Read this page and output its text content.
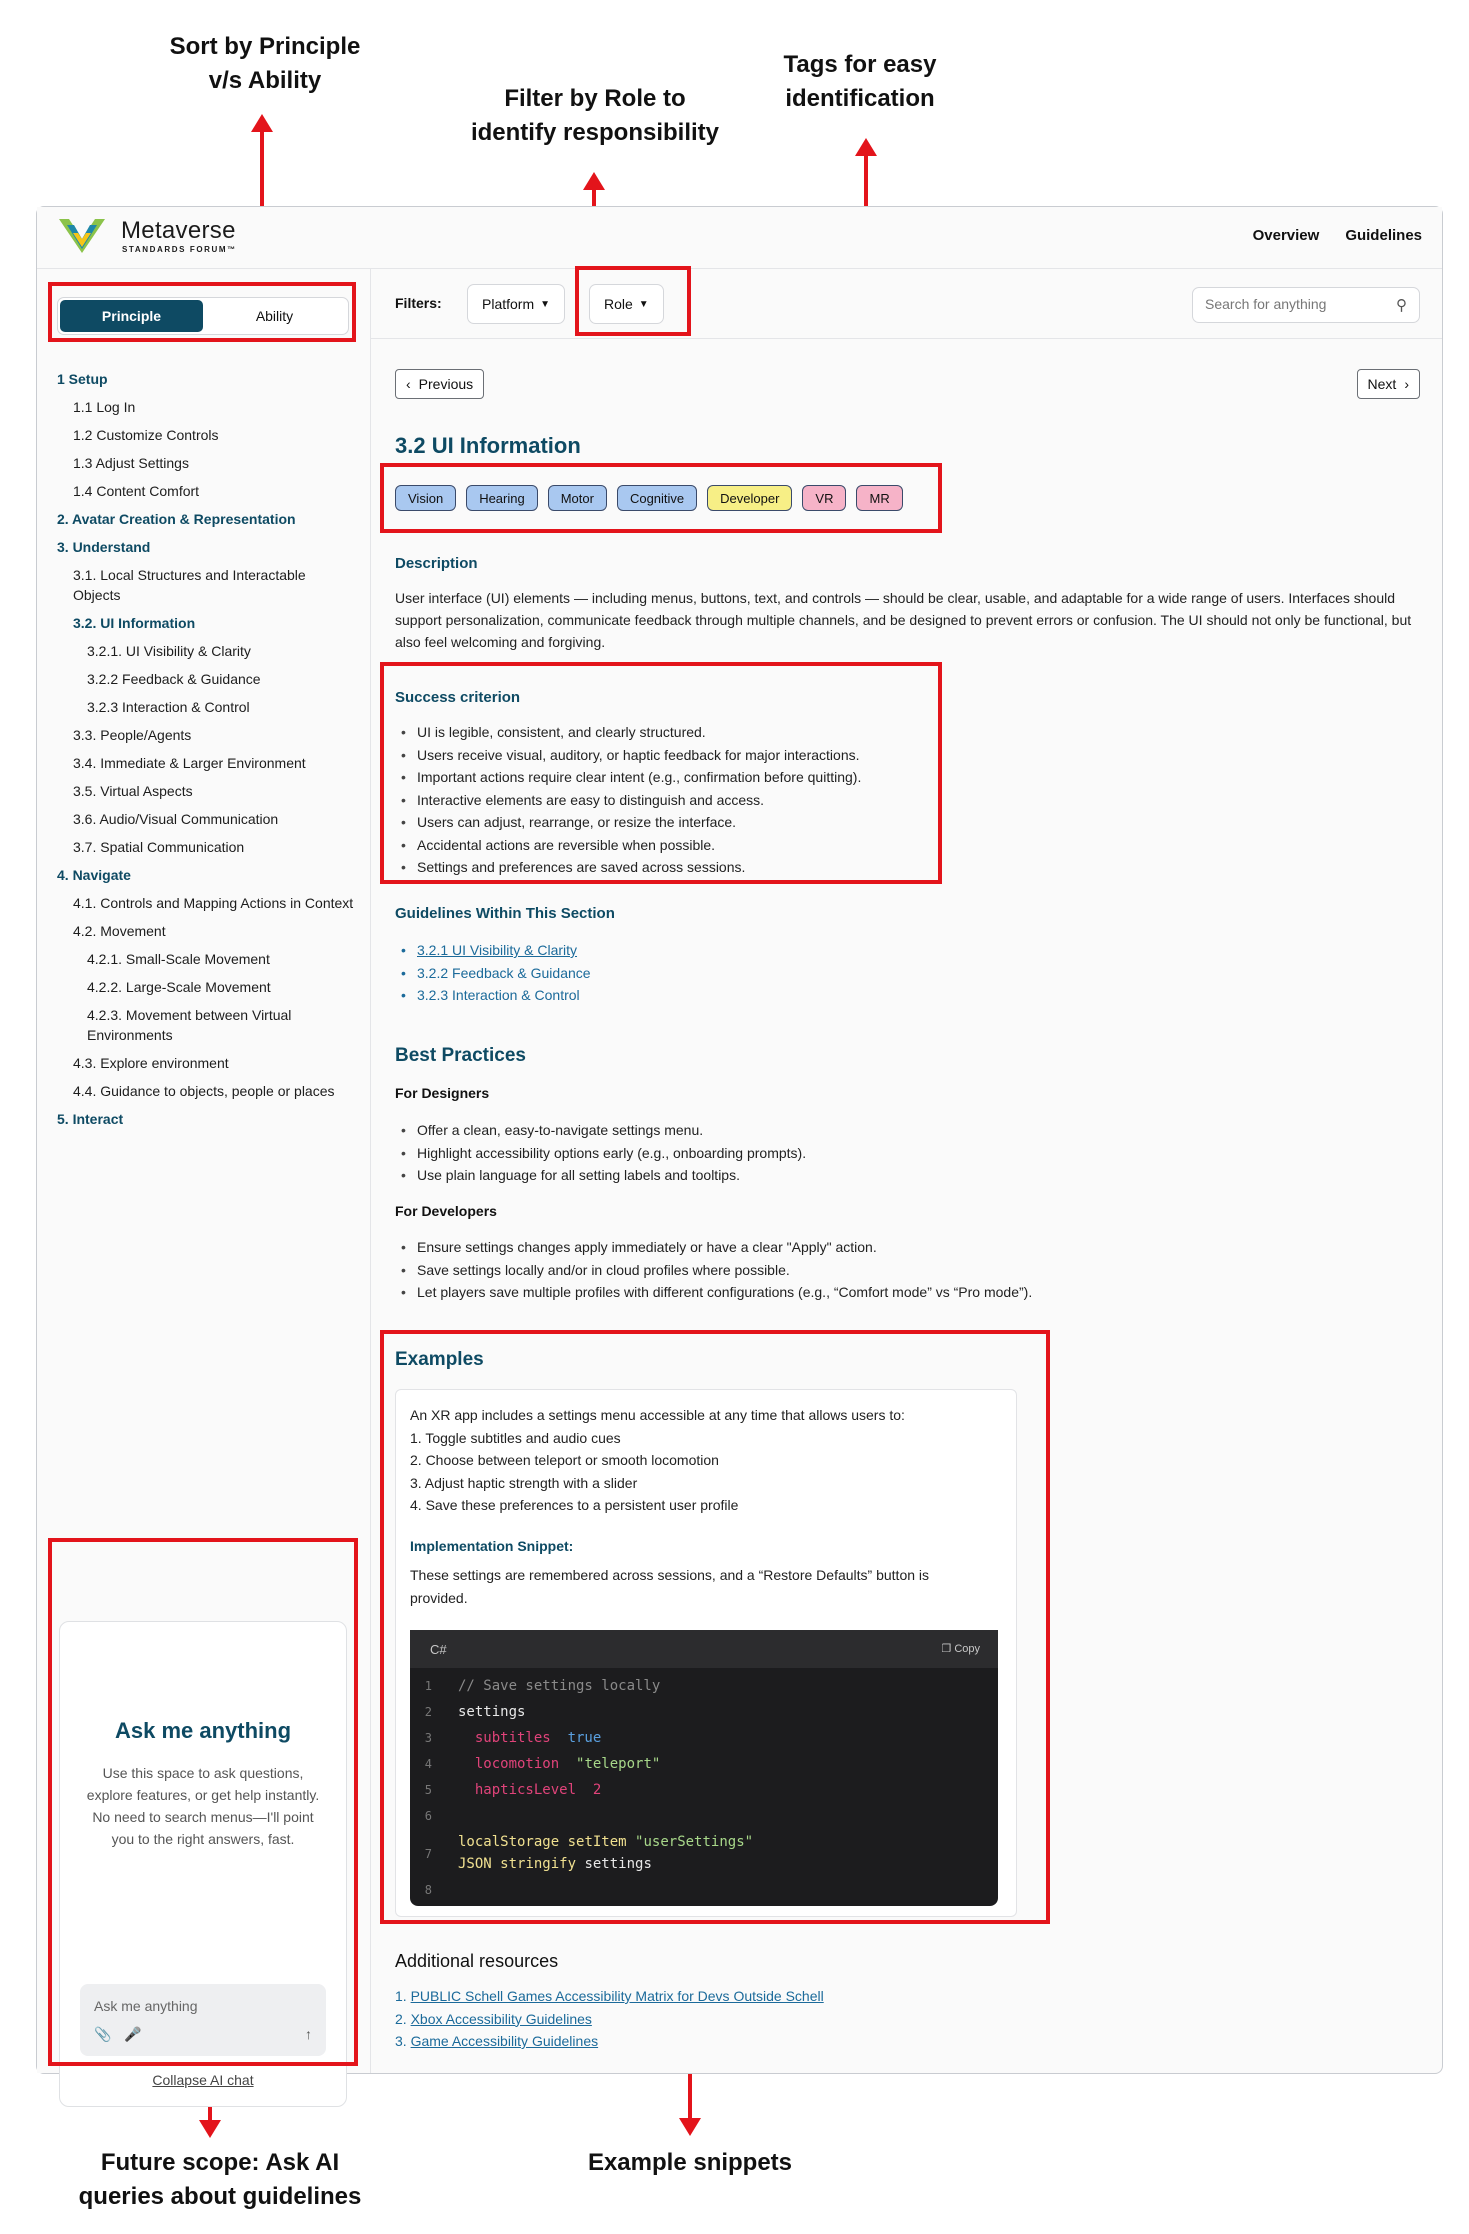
Sort by Principle v/s Ability
Filter by Role to identify responsibility
Tags for easy identification
Future scope: Ask AI queries about guidelines
Example snippets
Metaverse
STANDARDS FORUM™
Overview Guidelines
Principle	Ability
1 Setup
1.1 Log In
1.2 Customize Controls
1.3 Adjust Settings
1.4 Content Comfort
2. Avatar Creation & Representation
3. Understand
3.1. Local Structures and Interactable Objects
3.2. UI Information
3.2.1. UI Visibility & Clarity
3.2.2 Feedback & Guidance
3.2.3 Interaction & Control
3.3. People/Agents
3.4. Immediate & Larger Environment
3.5. Virtual Aspects
3.6. Audio/Visual Communication
3.7. Spatial Communication
4. Navigate
4.1. Controls and Mapping Actions in Context
4.2. Movement
4.2.1. Small-Scale Movement
4.2.2. Large-Scale Movement
4.2.3. Movement between Virtual Environments
4.3. Explore environment
4.4. Guidance to objects, people or places
5. Interact
Ask me anything
Use this space to ask questions, explore features, or get help instantly.
No need to search menus—I'll point you to the right answers, fast.
Ask me anything
📎 🎤	↑
Collapse AI chat
Filters:	Platform ▼	Role ▼
Search for anything	⚲
‹ Previous	Next ›
3.2 UI Information
Vision	Hearing	Motor	Cognitive	Developer	VR	MR
Description
User interface (UI) elements — including menus, buttons, text, and controls — should be clear, usable, and adaptable for a wide range of users. Interfaces should support personalization, communicate feedback through multiple channels, and be designed to prevent errors or confusion. The UI should not only be functional, but also feel welcoming and forgiving.
Success criterion
• UI is legible, consistent, and clearly structured.
• Users receive visual, auditory, or haptic feedback for major interactions.
• Important actions require clear intent (e.g., confirmation before quitting).
• Interactive elements are easy to distinguish and access.
• Users can adjust, rearrange, or resize the interface.
• Accidental actions are reversible when possible.
• Settings and preferences are saved across sessions.
Guidelines Within This Section
• 3.2.1 UI Visibility & Clarity
• 3.2.2 Feedback & Guidance
• 3.2.3 Interaction & Control
Best Practices
For Designers
• Offer a clean, easy-to-navigate settings menu.
• Highlight accessibility options early (e.g., onboarding prompts).
• Use plain language for all setting labels and tooltips.
For Developers
• Ensure settings changes apply immediately or have a clear "Apply" action.
• Save settings locally and/or in cloud profiles where possible.
• Let players save multiple profiles with different configurations (e.g., “Comfort mode” vs “Pro mode”).
Examples
An XR app includes a settings menu accessible at any time that allows users to:
1. Toggle subtitles and audio cues
2. Choose between teleport or smooth locomotion
3. Adjust haptic strength with a slider
4. Save these preferences to a persistent user profile
Implementation Snippet:
These settings are remembered across sessions, and a “Restore Defaults” button is provided.
C#	❐ Copy
1 // Save settings locally
2 settings
3	subtitles true
4	locomotion "teleport"
5	hapticsLevel 2
6
localStorage setItem "userSettings"
7
JSON stringify settings
8
Additional resources
1. PUBLIC Schell Games Accessibility Matrix for Devs Outside Schell
2. Xbox Accessibility Guidelines
3. Game Accessibility Guidelines
